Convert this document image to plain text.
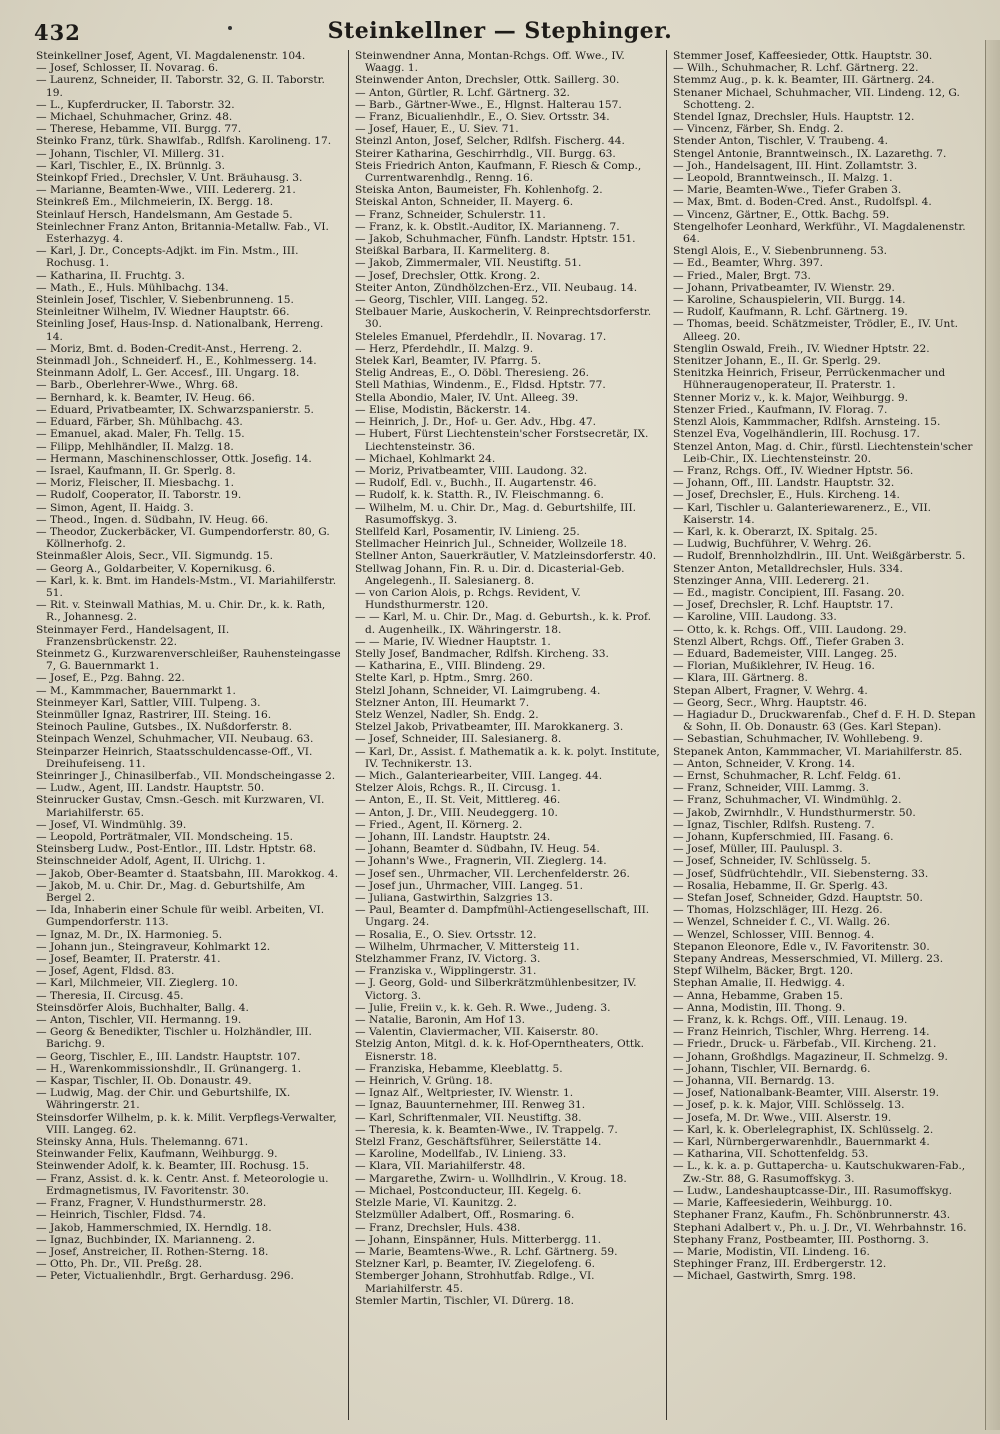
432	Steinkellner — Stephinger.

Steinkellner Josef, Agent, VI. Magdalenenstr. 104.

— Josef, Schlosser, II. Novarag. 6.

— Laurenz, Schneider, II. Taborstr. 32, G. II. Taborstr. 19.

— L., Kupferdrucker, II. Taborstr. 32.

— Michael, Schuhmacher, Grinz. 48.

— Therese, Hebamme, VII. Burgg. 77.

Steinko Franz, türk. Shawlfab., Rdlfsh. Karolineng. 17.

— Johann, Tischler, VI. Millerg. 31.

— Karl, Tischler, E., IX. Brünnlg. 3.

Steinkopf Fried., Drechsler, V. Unt. Bräuhausg. 3.

— Marianne, Beamten-Wwe., VIII. Ledererg. 21.

Steinkreß Em., Milchmeierin, IX. Bergg. 18.

Steinlauf Hersch, Handelsmann, Am Gestade 5.

Steinlechner Franz Anton, Britannia-Metallw. Fab., VI. Esterhazyg. 4.

— Karl, J. Dr., Concepts-Adjkt. im Fin. Mstm., III. Rochusg. 1.

— Katharina, II. Fruchtg. 3.

— Math., E., Huls. Mühlbachg. 134.

Steinlein Josef, Tischler, V. Siebenbrunneng. 15.

Steinleitner Wilhelm, IV. Wiedner Hauptstr. 66.

Steinling Josef, Haus-Insp. d. Nationalbank, Herreng. 14.

— Moriz, Bmt. d. Boden-Credit-Anst., Herreng. 2.

Steinmadl Joh., Schneiderf. H., E., Kohlmesserg. 14.

Steinmann Adolf, L. Ger. Accesf., III. Ungarg. 18.

— Barb., Oberlehrer-Wwe., Whrg. 68.

— Bernhard, k. k. Beamter, IV. Heug. 66.

— Eduard, Privatbeamter, IX. Schwarzspanierstr. 5.

— Eduard, Färber, Sh. Mühlbachg. 43.

— Emanuel, akad. Maler, Fh. Tellg. 15.

— Filipp, Mehlhändler, II. Malzg. 18.

— Hermann, Maschinenschlosser, Ottk. Josefig. 14.

— Israel, Kaufmann, II. Gr. Sperlg. 8.

— Moriz, Fleischer, II. Miesbachg. 1.

— Rudolf, Cooperator, II. Taborstr. 19.

— Simon, Agent, II. Haidg. 3.

— Theod., Ingen. d. Südbahn, IV. Heug. 66.

— Theodor, Zuckerbäcker, VI. Gumpendorferstr. 80, G. Köllnerhofg. 2.

Steinmaßler Alois, Secr., VII. Sigmundg. 15.

— Georg A., Goldarbeiter, V. Kopernikusg. 6.

— Karl, k. k. Bmt. im Handels-Mstm., VI. Mariahilferstr. 51.

— Rit. v. Steinwall Mathias, M. u. Chir. Dr., k. k. Rath, R., Johannesg. 2.

Steinmayer Ferd., Handelsagent, II. Franzensbrückenstr. 22.

Steinmetz G., Kurzwarenverschleißer, Rauhensteingasse 7, G. Bauernmarkt 1.

— Josef, E., Pzg. Bahng. 22.

— M., Kammmacher, Bauernmarkt 1.

Steinmeyer Karl, Sattler, VIII. Tulpeng. 3.

Steinmüller Ignaz, Rastrirer, III. Steing. 16.

Steinoch Pauline, Gutsbes., IX. Nußdorferstr. 8.

Steinpach Wenzel, Schuhmacher, VII. Neubaug. 63.

Steinparzer Heinrich, Staatsschuldencasse-Off., VI. Dreihufeiseng. 11.

Steinringer J., Chinasilberfab., VII. Mondscheingasse 2.

— Ludw., Agent, III. Landstr. Hauptstr. 50.

Steinrucker Gustav, Cmsn.-Gesch. mit Kurzwaren, VI. Mariahilferstr. 65.

— Josef, VI. Windmühlg. 39.

— Leopold, Porträtmaler, VII. Mondscheing. 15.

Steinsberg Ludw., Post-Entlor., III. Ldstr. Hptstr. 68.

Steinschneider Adolf, Agent, II. Ulrichg. 1.

— Jakob, Ober-Beamter d. Staatsbahn, III. Marokkog. 4.

— Jakob, M. u. Chir. Dr., Mag. d. Geburtshilfe, Am Bergel 2.

— Ida, Inhaberin einer Schule für weibl. Arbeiten, VI. Gumpendorferstr. 113.

— Ignaz, M. Dr., IX. Harmonieg. 5.

— Johann jun., Steingraveur, Kohlmarkt 12.

— Josef, Beamter, II. Praterstr. 41.

— Josef, Agent, Fldsd. 83.

— Karl, Milchmeier, VII. Zieglerg. 10.

— Theresia, II. Circusg. 45.

Steinsdörfer Alois, Buchhalter, Ballg. 4.

— Anton, Tischler, VII. Hermanng. 19.

— Georg & Benedikter, Tischler u. Holzhändler, III. Barichg. 9.

— Georg, Tischler, E., III. Landstr. Hauptstr. 107.

— H., Warenkommissionshdlr., II. Grünangerg. 1.

— Kaspar, Tischler, II. Ob. Donaustr. 49.

— Ludwig, Mag. der Chir. und Geburtshilfe, IX. Währingerstr. 21.

Steinsdorfer Wilhelm, p. k. k. Milit. Verpflegs-Verwalter, VIII. Langeg. 62.

Steinsky Anna, Huls. Thelemanng. 671.

Steinwander Felix, Kaufmann, Weihburgg. 9.

Steinwender Adolf, k. k. Beamter, III. Rochusg. 15.

— Franz, Assist. d. k. k. Centr. Anst. f. Meteorologie u. Erdmagnetismus, IV. Favoritenstr. 30.

— Franz, Fragner, V. Hundsthurmerstr. 28.

— Heinrich, Tischler, Fldsd. 74.

— Jakob, Hammerschmied, IX. Herndlg. 18.

— Ignaz, Buchbinder, IX. Marianneng. 2.

— Josef, Anstreicher, II. Rothen-Sterng. 18.

— Otto, Ph. Dr., VII. Preßg. 28.

— Peter, Victualienhdlr., Brgt. Gerhardusg. 296.

Steinwendner Anna, Montan-Rchgs. Off. Wwe., IV. Waagg. 1.

Steinwender Anton, Drechsler, Ottk. Saillerg. 30.

— Anton, Gürtler, R. Lchf. Gärtnerg. 32.

— Barb., Gärtner-Wwe., E., Hlgnst. Halterau 157.

— Franz, Bicualienhdlr., E., O. Siev. Ortsstr. 34.

— Josef, Hauer, E., U. Siev. 71.

Steinzl Anton, Josef, Selcher, Rdlfsh. Fischerg. 44.

Steirer Katharina, Geschirrhdlg., VII. Burgg. 63.

Steis Friedrich Anton, Kaufmann, F. Riesch & Comp., Currentwarenhdlg., Renng. 16.

Steiska Anton, Baumeister, Fh. Kohlenhofg. 2.

Steiskal Anton, Schneider, II. Mayerg. 6.

— Franz, Schneider, Schulerstr. 11.

— Franz, k. k. Obstlt.-Auditor, IX. Marianneng. 7.

— Jakob, Schuhmacher, Fünfh. Landstr. Hptstr. 151.

Steißkal Barbara, II. Karmeliterg. 8.

— Jakob, Zimmermaler, VII. Neustiftg. 51.

— Josef, Drechsler, Ottk. Krong. 2.

Steiter Anton, Zündhölzchen-Erz., VII. Neubaug. 14.

— Georg, Tischler, VIII. Langeg. 52.

Stelbauer Marie, Auskocherin, V. Reinprechtsdorferstr. 30.

Steleles Emanuel, Pferdehdlr., II. Novarag. 17.

— Herz, Pferdehdlr., II. Malzg. 9.

Stelek Karl, Beamter, IV. Pfarrg. 5.

Stelig Andreas, E., O. Döbl. Theresieng. 26.

Stell Mathias, Windenm., E., Fldsd. Hptstr. 77.

Stella Abondio, Maler, IV. Unt. Alleeg. 39.

— Elise, Modistin, Bäckerstr. 14.

— Heinrich, J. Dr., Hof- u. Ger. Adv., Hbg. 47.

— Hubert, Fürst Liechtenstein'scher Forstsecretär, IX. Liechtensteinstr. 36.

— Michael, Kohlmarkt 24.

— Moriz, Privatbeamter, VIII. Laudong. 32.

— Rudolf, Edl. v., Buchh., II. Augartenstr. 46.

— Rudolf, k. k. Statth. R., IV. Fleischmanng. 6.

— Wilhelm, M. u. Chir. Dr., Mag. d. Geburtshilfe, III. Rasumoffskyg. 3.

Stellfeld Karl, Posamentir, IV. Linieng. 25.

Stellmacher Heinrich Jul., Schneider, Wollzeile 18.

Stellner Anton, Sauerkräutler, V. Matzleinsdorferstr. 40.

Stellwag Johann, Fin. R. u. Dir. d. Dicasterial-Geb. Angelegenh., II. Salesianerg. 8.

— von Carion Alois, p. Rchgs. Revident, V. Hundsthurmerstr. 120.

— — Karl, M. u. Chir. Dr., Mag. d. Geburtsh., k. k. Prof. d. Augenheilk., IX. Währingerstr. 18.

— — Marie, IV. Wiedner Hauptstr. 1.

Stelly Josef, Bandmacher, Rdlfsh. Kircheng. 33.

— Katharina, E., VIII. Blindeng. 29.

Stelte Karl, p. Hptm., Smrg. 260.

Stelzl Johann, Schneider, VI. Laimgrubeng. 4.

Stelzner Anton, III. Heumarkt 7.

Stelz Wenzel, Nadler, Sh. Endg. 2.

Stelzel Jakob, Privatbeamter, III. Marokkanerg. 3.

— Josef, Schneider, III. Salesianerg. 8.

— Karl, Dr., Assist. f. Mathematik a. k. k. polyt. Institute, IV. Technikerstr. 13.

— Mich., Galanteriearbeiter, VIII. Langeg. 44.

Stelzer Alois, Rchgs. R., II. Circusg. 1.

— Anton, E., II. St. Veit, Mittlereg. 46.

— Anton, J. Dr., VIII. Neudeggerg. 10.

— Fried., Agent, II. Körnerg. 2.

— Johann, III. Landstr. Hauptstr. 24.

— Johann, Beamter d. Südbahn, IV. Heug. 54.

— Johann's Wwe., Fragnerin, VII. Zieglerg. 14.

— Josef sen., Uhrmacher, VII. Lerchenfelderstr. 26.

— Josef jun., Uhrmacher, VIII. Langeg. 51.

— Juliana, Gastwirthin, Salzgries 13.

— Paul, Beamter d. Dampfmühl-Actiengesellschaft, III. Ungarg. 24.

— Rosalia, E., O. Siev. Ortsstr. 12.

— Wilhelm, Uhrmacher, V. Mittersteig 11.

Stelzhammer Franz, IV. Victorg. 3.

— Franziska v., Wipplingerstr. 31.

— J. Georg, Gold- und Silberkrätzmühlenbesitzer, IV. Victorg. 3.

— Julie, Freiin v., k. k. Geh. R. Wwe., Judeng. 3.

— Natalie, Baronin, Am Hof 13.

— Valentin, Claviermacher, VII. Kaiserstr. 80.

Stelzig Anton, Mitgl. d. k. k. Hof-Operntheaters, Ottk. Eisnerstr. 18.

— Franziska, Hebamme, Kleeblattg. 5.

— Heinrich, V. Grüng. 18.

— Ignaz Alf., Weltpriester, IV. Wienstr. 1.

— Ignaz, Bauunternehmer, III. Renweg 31.

— Karl, Schriftenmaler, VII. Neustiftg. 38.

— Theresia, k. k. Beamten-Wwe., IV. Trappelg. 7.

Stelzl Franz, Geschäftsführer, Seilerstätte 14.

— Karoline, Modellfab., IV. Linieng. 33.

— Klara, VII. Mariahilferstr. 48.

— Margarethe, Zwirn- u. Wollhdlrin., V. Kroug. 18.

— Michael, Postconducteur, III. Kegelg. 6.

Stelzle Marie, VI. Kaunitzg. 2.

Stelzmüller Adalbert, Off., Rosmaring. 6.

— Franz, Drechsler, Huls. 438.

— Johann, Einspänner, Huls. Mitterbergg. 11.

— Marie, Beamtens-Wwe., R. Lchf. Gärtnerg. 59.

Stelzner Karl, p. Beamter, IV. Ziegelofeng. 6.

Stemberger Johann, Strohhutfab. Rdlge., VI. Mariahilferstr. 45.

Stemler Martin, Tischler, VI. Dürerg. 18.

Stemmer Josef, Kaffeesieder, Ottk. Hauptstr. 30.

— Wilh., Schuhmacher, R. Lchf. Gärtnerg. 22.

Stemmz Aug., p. k. k. Beamter, III. Gärtnerg. 24.

Stenaner Michael, Schuhmacher, VII. Lindeng. 12, G. Schotteng. 2.

Stendel Ignaz, Drechsler, Huls. Hauptstr. 12.

— Vincenz, Färber, Sh. Endg. 2.

Stender Anton, Tischler, V. Traubeng. 4.

Stengel Antonie, Branntweinsch., IX. Lazarethg. 7.

— Joh., Handelsagent, III. Hint. Zollamtstr. 3.

— Leopold, Branntweinsch., II. Malzg. 1.

— Marie, Beamten-Wwe., Tiefer Graben 3.

— Max, Bmt. d. Boden-Cred. Anst., Rudolfspl. 4.

— Vincenz, Gärtner, E., Ottk. Bachg. 59.

Stengelhofer Leonhard, Werkführ., VI. Magdalenenstr. 64.

Stengl Alois, E., V. Siebenbrunneng. 53.

— Ed., Beamter, Whrg. 397.

— Fried., Maler, Brgt. 73.

— Johann, Privatbeamter, IV. Wienstr. 29.

— Karoline, Schauspielerin, VII. Burgg. 14.

— Rudolf, Kaufmann, R. Lchf. Gärtnerg. 19.

— Thomas, beeid. Schätzmeister, Trödler, E., IV. Unt. Alleeg. 20.

Stenglin Oswald, Freih., IV. Wiedner Hptstr. 22.

Stenitzer Johann, E., II. Gr. Sperlg. 29.

Stenitzka Heinrich, Friseur, Perrückenmacher und Hühneraugenoperateur, II. Praterstr. 1.

Stenner Moriz v., k. k. Major, Weihburgg. 9.

Stenzer Fried., Kaufmann, IV. Florag. 7.

Stenzl Alois, Kammmacher, Rdlfsh. Arnsteing. 15.

Stenzel Eva, Vogelhändlerin, III. Rochusg. 17.

Stenzel Anton, Mag. d. Chir., fürstl. Liechtenstein'scher Leib-Chir., IX. Liechtensteinstr. 20.

— Franz, Rchgs. Off., IV. Wiedner Hptstr. 56.

— Johann, Off., III. Landstr. Hauptstr. 32.

— Josef, Drechsler, E., Huls. Kircheng. 14.

— Karl, Tischler u. Galanteriewarenerz., E., VII. Kaiserstr. 14.

— Karl, k. k. Oberarzt, IX. Spitalg. 25.

— Ludwig, Buchführer, V. Wehrg. 26.

— Rudolf, Brennholzhdlrin., III. Unt. Weißgärberstr. 5.

Stenzer Anton, Metalldrechsler, Huls. 334.

Stenzinger Anna, VIII. Ledererg. 21.

— Ed., magistr. Concipient, III. Fasang. 20.

— Josef, Drechsler, R. Lchf. Hauptstr. 17.

— Karoline, VIII. Laudong. 33.

— Otto, k. k. Rchgs. Off., VIII. Laudong. 29.

Stenzl Albert, Rchgs. Off., Tiefer Graben 3.

— Eduard, Bademeister, VIII. Langeg. 25.

— Florian, Mußiklehrer, IV. Heug. 16.

— Klara, III. Gärtnerg. 8.

Stepan Albert, Fragner, V. Wehrg. 4.

— Georg, Secr., Whrg. Hauptstr. 46.

— Hagiadur D., Druckwarenfab., Chef d. F. H. D. Stepan & Sohn, II. Ob. Donaustr. 63 (Ges. Karl Stepan).

— Sebastian, Schuhmacher, IV. Wohllebeng. 9.

Stepanek Anton, Kammmacher, VI. Mariahilferstr. 85.

— Anton, Schneider, V. Krong. 14.

— Ernst, Schuhmacher, R. Lchf. Feldg. 61.

— Franz, Schneider, VIII. Lammg. 3.

— Franz, Schuhmacher, VI. Windmühlg. 2.

— Jakob, Zwirnhdlr., V. Hundsthurmerstr. 50.

— Ignaz, Tischler, Rdlfsh. Rusteng. 7.

— Johann, Kupferschmied, III. Fasang. 6.

— Josef, Müller, III. Pauluspl. 3.

— Josef, Schneider, IV. Schlüsselg. 5.

— Josef, Südfrüchtehdlr., VII. Siebensterng. 33.

— Rosalia, Hebamme, II. Gr. Sperlg. 43.

— Stefan Josef, Schneider, Gdzd. Hauptstr. 50.

— Thomas, Holzschläger, III. Hezg. 26.

— Wenzel, Schneider f. C., VI. Wallg. 26.

— Wenzel, Schlosser, VIII. Bennog. 4.

Stepanon Eleonore, Edle v., IV. Favoritenstr. 30.

Stepany Andreas, Messerschmied, VI. Millerg. 23.

Stepf Wilhelm, Bäcker, Brgt. 120.

Stephan Amalie, II. Hedwigg. 4.

— Anna, Hebamme, Graben 15.

— Anna, Modistin, III. Thong. 9.

— Franz, k. k. Rchgs. Off., VIII. Lenaug. 19.

— Franz Heinrich, Tischler, Whrg. Herreng. 14.

— Friedr., Druck- u. Färbefab., VII. Kircheng. 21.

— Johann, Großhdlgs. Magazineur, II. Schmelzg. 9.

— Johann, Tischler, VII. Bernardg. 6.

— Johanna, VII. Bernardg. 13.

— Josef, Nationalbank-Beamter, VIII. Alserstr. 19.

— Josef, p. k. k. Major, VIII. Schlösselg. 13.

— Josefa, M. Dr. Wwe., VIII. Alserstr. 19.

— Karl, k. k. Oberlelegraphist, IX. Schlüsselg. 2.

— Karl, Nürnbergerwarenhdlr., Bauernmarkt 4.

— Katharina, VII. Schottenfeldg. 53.

— L., k. k. a. p. Guttapercha- u. Kautschukwaren-Fab., Zw.-Str. 88, G. Rasumoffskyg. 3.

— Ludw., Landeshauptcasse-Dir., III. Rasumoffskyg.

— Marie, Kaffeesiederin, Weihburgg. 10.

Stephaner Franz, Kaufm., Fh. Schönbrunnerstr. 43.

Stephani Adalbert v., Ph. u. J. Dr., VI. Wehrbahnstr. 16.

Stephany Franz, Postbeamter, III. Posthorng. 3.

— Marie, Modistin, VII. Lindeng. 16.

Stephinger Franz, III. Erdbergerstr. 12.

— Michael, Gastwirth, Smrg. 198.
